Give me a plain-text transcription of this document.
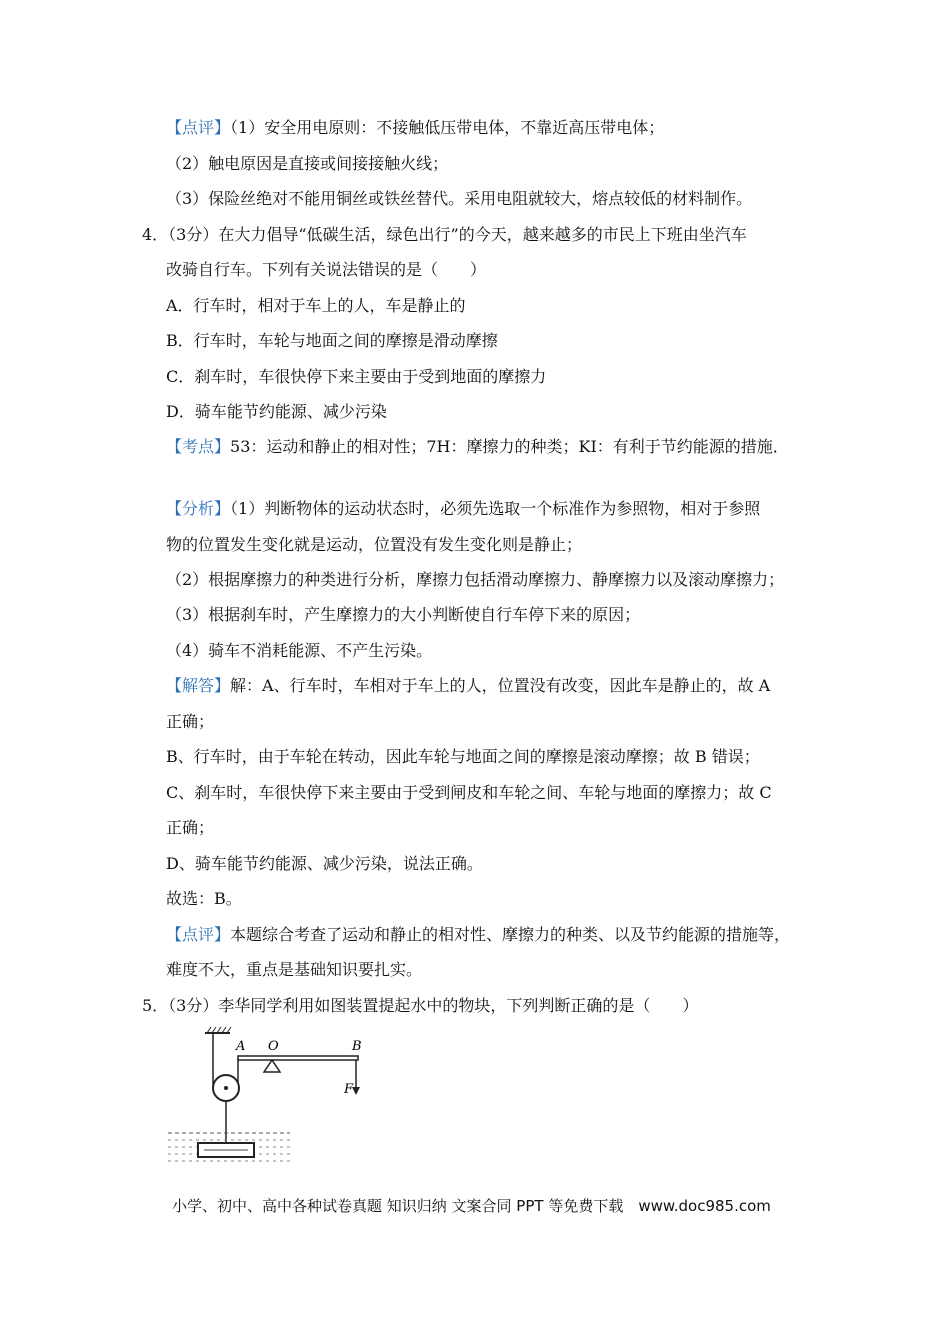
【点评】（1）安全用电原则：不接触低压带电体，不靠近高压带电体；
（2）触电原因是直接或间接接触火线；
（3）保险丝绝对不能用铜丝或铁丝替代。采用电阻就较大，熔点较低的材料制作。
4．（3分）在大力倡导“低碳生活，绿色出行”的今天，越来越多的市民上下班由坐汽车
改骑自行车。下列有关说法错误的是（　　）
A．行车时，相对于车上的人，车是静止的
B．行车时，车轮与地面之间的摩擦是滑动摩擦
C．刹车时，车很快停下来主要由于受到地面的摩擦力
D．骑车能节约能源、减少污染
【考点】53：运动和静止的相对性；7H：摩擦力的种类；KI：有利于节约能源的措施．
【分析】（1）判断物体的运动状态时，必须先选取一个标准作为参照物，相对于参照
物的位置发生变化就是运动，位置没有发生变化则是静止；
（2）根据摩擦力的种类进行分析，摩擦力包括滑动摩擦力、静摩擦力以及滚动摩擦力；
（3）根据刹车时，产生摩擦力的大小判断使自行车停下来的原因；
（4）骑车不消耗能源、不产生污染。
【解答】解：A、行车时，车相对于车上的人，位置没有改变，因此车是静止的，故 A
正确；
B、行车时，由于车轮在转动，因此车轮与地面之间的摩擦是滚动摩擦；故 B 错误；
C、刹车时，车很快停下来主要由于受到闸皮和车轮之间、车轮与地面的摩擦力；故 C
正确；
D、骑车能节约能源、减少污染，说法正确。
故选：B。
【点评】本题综合考查了运动和静止的相对性、摩擦力的种类、以及节约能源的措施等，
难度不大，重点是基础知识要扎实。
5．（3分）李华同学利用如图装置提起水中的物块，下列判断正确的是（　　）
A O	B
F
小学、初中、高中各种试卷真题 知识归纳 文案合同 PPT 等免费下载　www.doc985.com
